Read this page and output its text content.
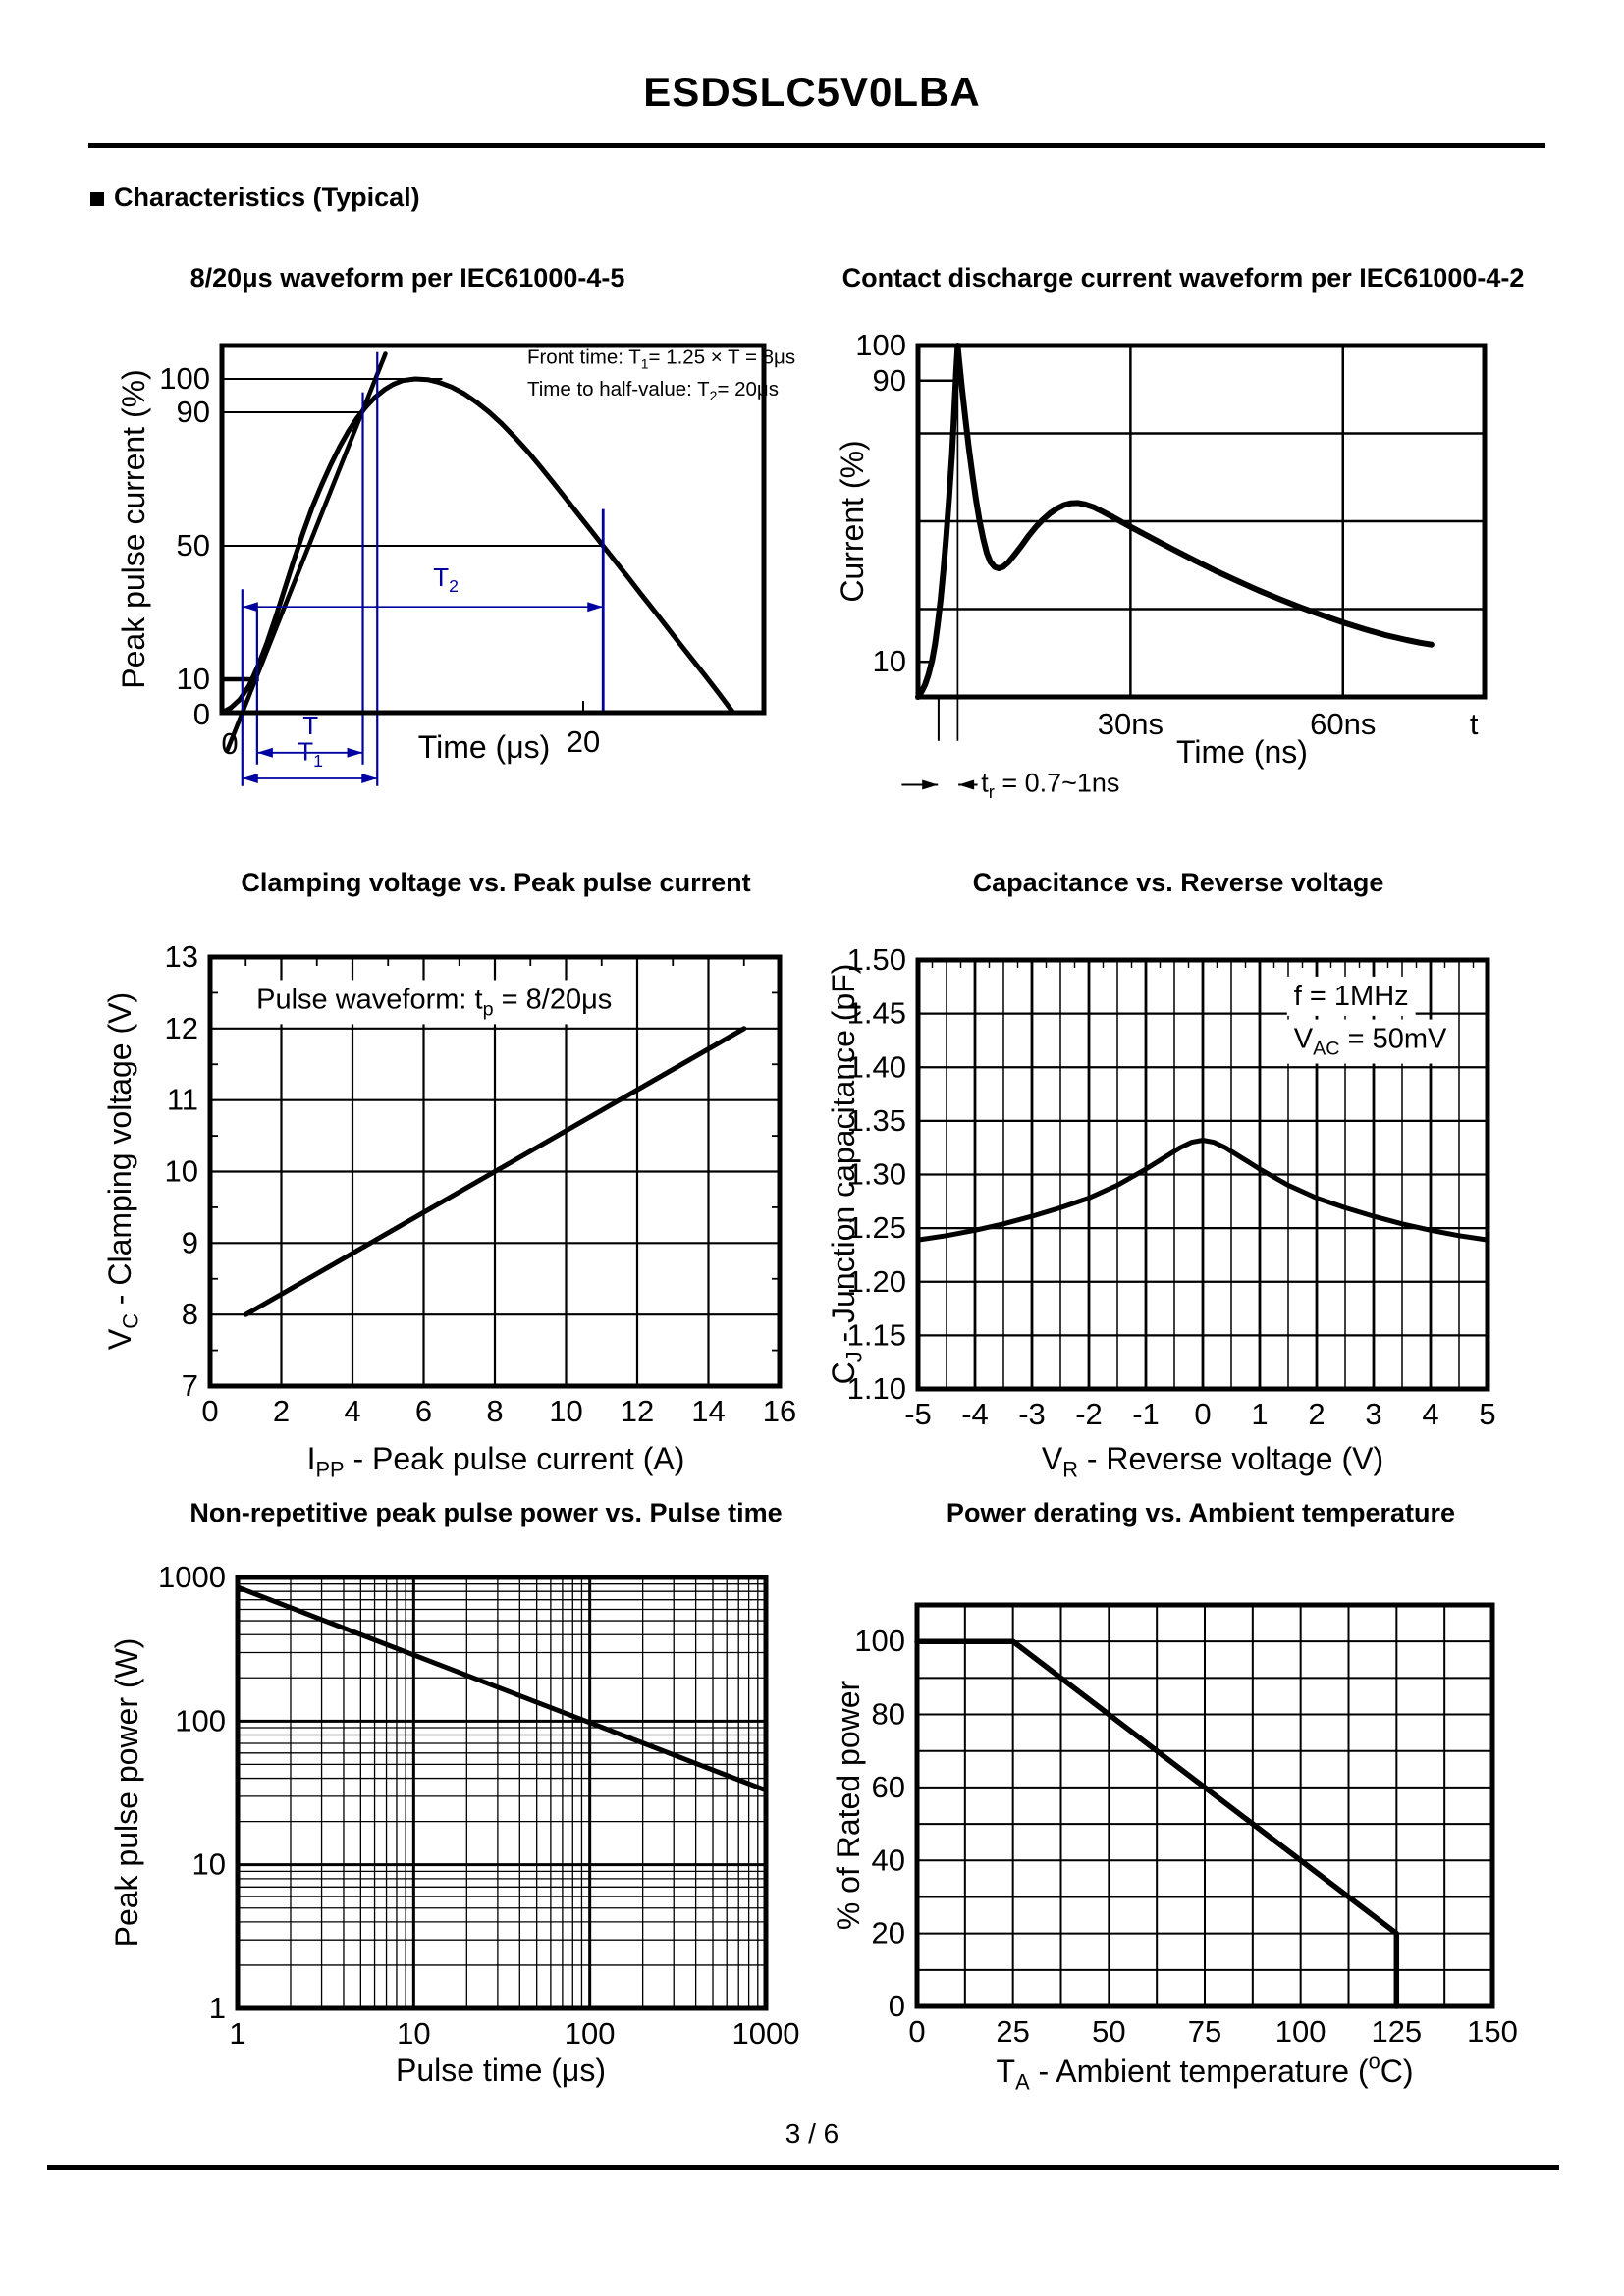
ESDSLC5V0LBA
Characteristics (Typical)
8/20μs waveform per IEC61000-4-5	Contact discharge current waveform per IEC61000-4-2
Clamping voltage vs. Peak pulse current	Capacitance vs. Reverse voltage
Non-repetitive peak pulse power vs. Pulse time	Power derating vs. Ambient temperature
$T_2$
T
$T_1$
Front time: $T_1= 1.25 \times T = 8\mu s$
Time to half-value: $T_2= 20\mu s$
0	20
0
10
50
90
100
Time (μs)
Peak pulse current (%)
$t_r$ = 0.7~1ns
30ns	60ns	t
100
90
10
Time (ns)
Current (%)
Pulse waveform: $t_p = 8/20\mu s$
0 2 4 6 8 10 12 14 16
7
8
9
10
11
12
13
$I_{PP}$ - Peak pulse current (A)
$V_C$ - Clamping voltage (V)	f = 1MHz
$V_{AC} = 50mV$
-5 -4 -3 -2 -1 0 1 2 3 4 5
1.10
1.15
1.20
1.25
1.30
1.35
1.40
1.45
1.50
$V_R$ - Reverse voltage (V)
$C_J$ - Junction capacitance (pF)
1	10	100	1000
1
10
100
1000
Pulse time (μs)
Peak pulse power (W)
0 25 50 75 100 125 150
0
20
40
60
80
100
$T_A$ - Ambient temperature ($^o$C)
% of Rated power
3 / 6
